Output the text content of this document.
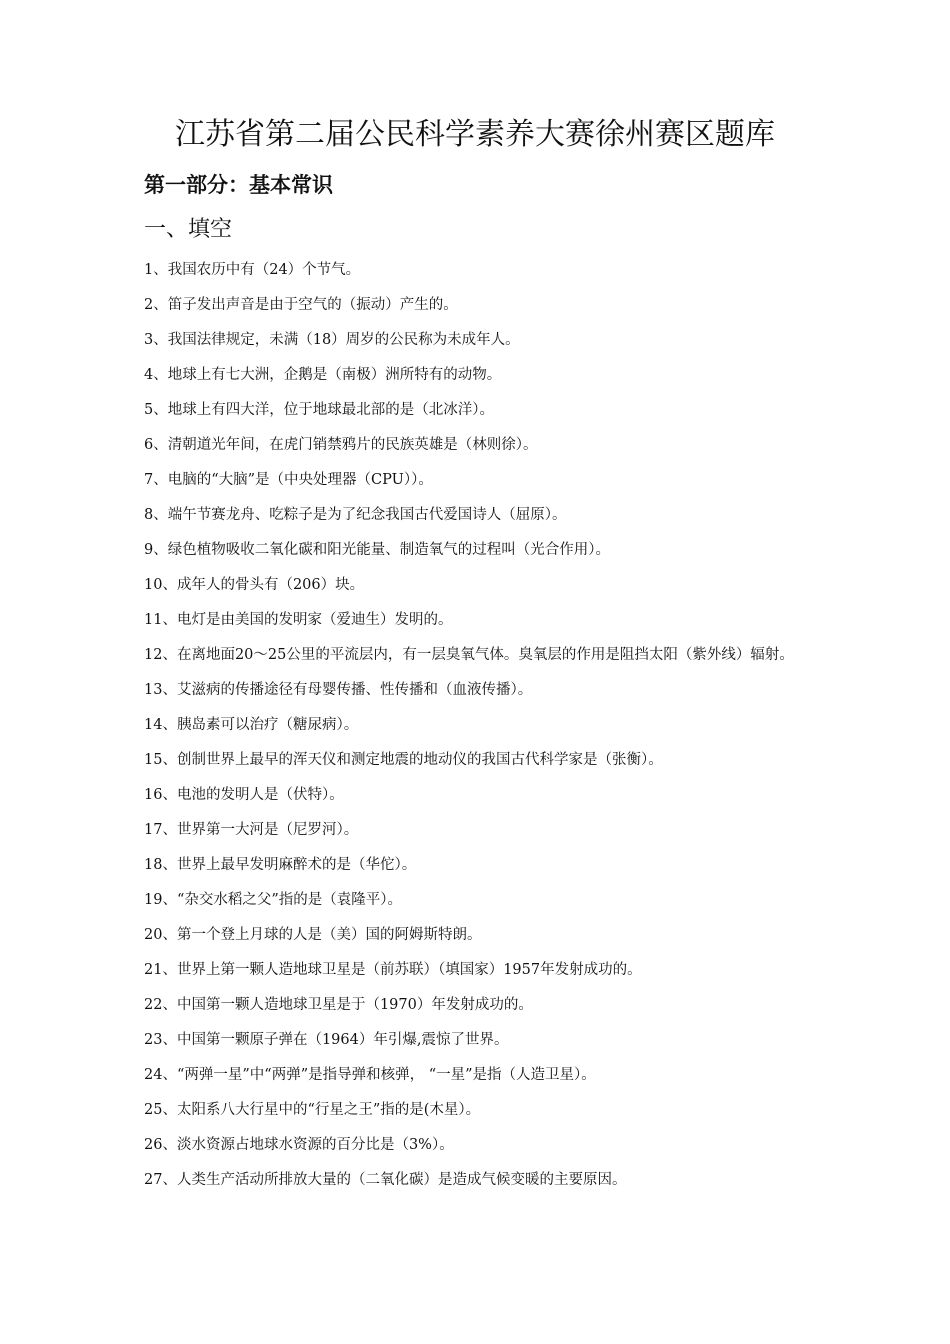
江苏省第二届公民科学素养大赛徐州赛区题库
第一部分：基本常识
一、填空
1、我国农历中有（24）个节气。
2、笛子发出声音是由于空气的（振动）产生的。
3、我国法律规定，未满（18）周岁的公民称为未成年人。
4、地球上有七大洲，企鹅是（南极）洲所特有的动物。
5、地球上有四大洋，位于地球最北部的是（北冰洋）。
6、清朝道光年间，在虎门销禁鸦片的民族英雄是（林则徐）。
7、电脑的“大脑”是（中央处理器（CPU））。
8、端午节赛龙舟、吃粽子是为了纪念我国古代爱国诗人（屈原）。
9、绿色植物吸收二氧化碳和阳光能量、制造氧气的过程叫（光合作用）。
10、成年人的骨头有（206）块。
11、电灯是由美国的发明家（爱迪生）发明的。
12、在离地面20～25公里的平流层内，有一层臭氧气体。臭氧层的作用是阻挡太阳（紫外线）辐射。
13、艾滋病的传播途径有母婴传播、性传播和（血液传播）。
14、胰岛素可以治疗（糖尿病）。
15、创制世界上最早的浑天仪和测定地震的地动仪的我国古代科学家是（张衡）。
16、电池的发明人是（伏特）。
17、世界第一大河是（尼罗河）。
18、世界上最早发明麻醉术的是（华佗）。
19、“杂交水稻之父”指的是（袁隆平）。
20、第一个登上月球的人是（美）国的阿姆斯特朗。
21、世界上第一颗人造地球卫星是（前苏联）（填国家）1957年发射成功的。
22、中国第一颗人造地球卫星是于（1970）年发射成功的。
23、中国第一颗原子弹在（1964）年引爆,震惊了世界。
24、“两弹一星”中“两弹”是指导弹和核弹， “一星”是指（人造卫星）。
25、太阳系八大行星中的“行星之王”指的是(木星）。
26、淡水资源占地球水资源的百分比是（3%）。
27、人类生产活动所排放大量的（二氧化碳）是造成气候变暖的主要原因。
